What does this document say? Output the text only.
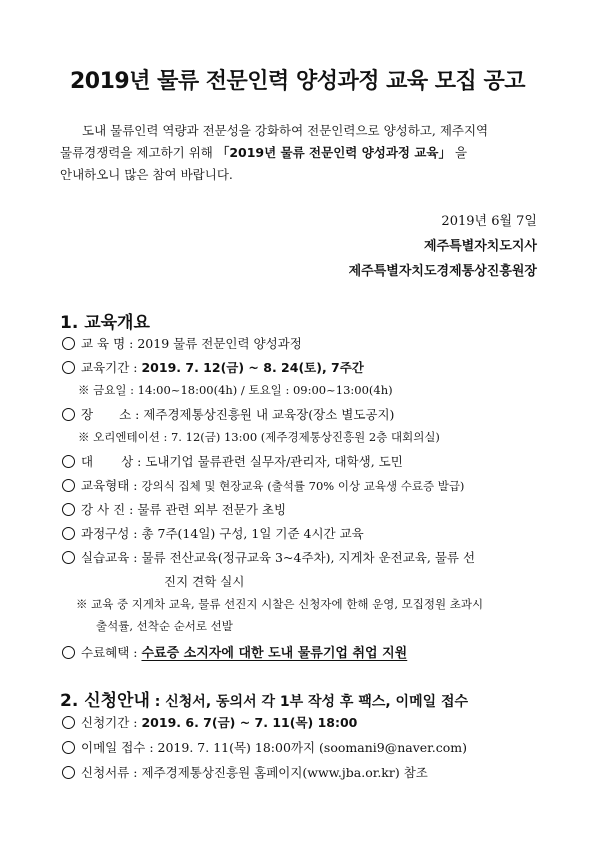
2019년 물류 전문인력 양성과정 교육 모집 공고
도내 물류인력 역량과 전문성을 강화하여 전문인력으로 양성하고, 제주지역
물류경쟁력을 제고하기 위해 「2019년 물류 전문인력 양성과정 교육」 을
안내하오니 많은 참여 바랍니다.
2019년 6월 7일
제주특별자치도지사
제주특별자치도경제통상진흥원장
1. 교육개요
교 육 명 : 2019 물류 전문인력 양성과정
교육기간 : 2019. 7. 12(금) ~ 8. 24(토), 7주간
※ 금요일 : 14:00~18:00(4h) / 토요일 : 09:00~13:00(4h)
장 소 : 제주경제통상진흥원 내 교육장(장소 별도공지)
※ 오리엔테이션 : 7. 12(금) 13:00 (제주경제통상진흥원 2층 대회의실)
대 상 : 도내기업 물류관련 실무자/관리자, 대학생, 도민
교육형태 : 강의식 집체 및 현장교육 (출석률 70% 이상 교육생 수료증 발급)
강 사 진 : 물류 관련 외부 전문가 초빙
과정구성 : 총 7주(14일) 구성, 1일 기준 4시간 교육
실습교육 : 물류 전산교육(정규교육 3~4주차), 지게차 운전교육, 물류 선
진지 견학 실시
※ 교육 중 지게차 교육, 물류 선진지 시찰은 신청자에 한해 운영, 모집정원 초과시
출석률, 선착순 순서로 선발
수료혜택 : 수료증 소지자에 대한 도내 물류기업 취업 지원
2. 신청안내 : 신청서, 동의서 각 1부 작성 후 팩스, 이메일 접수
신청기간 : 2019. 6. 7(금) ~ 7. 11(목) 18:00
이메일 접수 : 2019. 7. 11(목) 18:00까지 (soomani9@naver.com)
신청서류 : 제주경제통상진흥원 홈페이지(www.jba.or.kr) 참조
